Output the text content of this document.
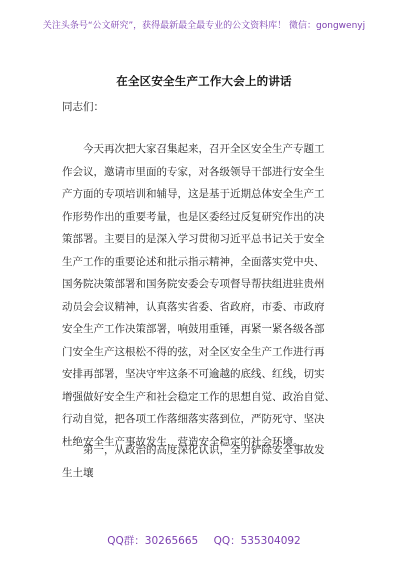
关注头条号“公文研究”，获得最新最全最专业的公文资料库！ 微信：gongwenyj
在全区安全生产工作大会上的讲话
同志们：
　　今天再次把大家召集起来，召开全区安全生产专题工
作会议，邀请市里面的专家，对各级领导干部进行安全生
产方面的专项培训和辅导，这是基于近期总体安全生产工
作形势作出的重要考量，也是区委经过反复研究作出的决
策部署。主要目的是深入学习贯彻习近平总书记关于安全
生产工作的重要论述和批示指示精神，全面落实党中央、
国务院决策部署和国务院安委会专项督导帮扶组进驻贵州
动员会会议精神，认真落实省委、省政府，市委、市政府
安全生产工作决策部署，响鼓用重锤，再紧一紧各级各部
门安全生产这根松不得的弦，对全区安全生产工作进行再
安排再部署，坚决守牢这条不可逾越的底线、红线，切实
增强做好安全生产和社会稳定工作的思想自觉、政治自觉、
行动自觉，把各项工作落细落实落到位，严防死守、坚决
杜绝安全生产事故发生，营造安全稳定的社会环境。
　　第一，从政治的高度深化认识，全力铲除安全事故发
生土壤
QQ群：30265665 QQ：535304092
